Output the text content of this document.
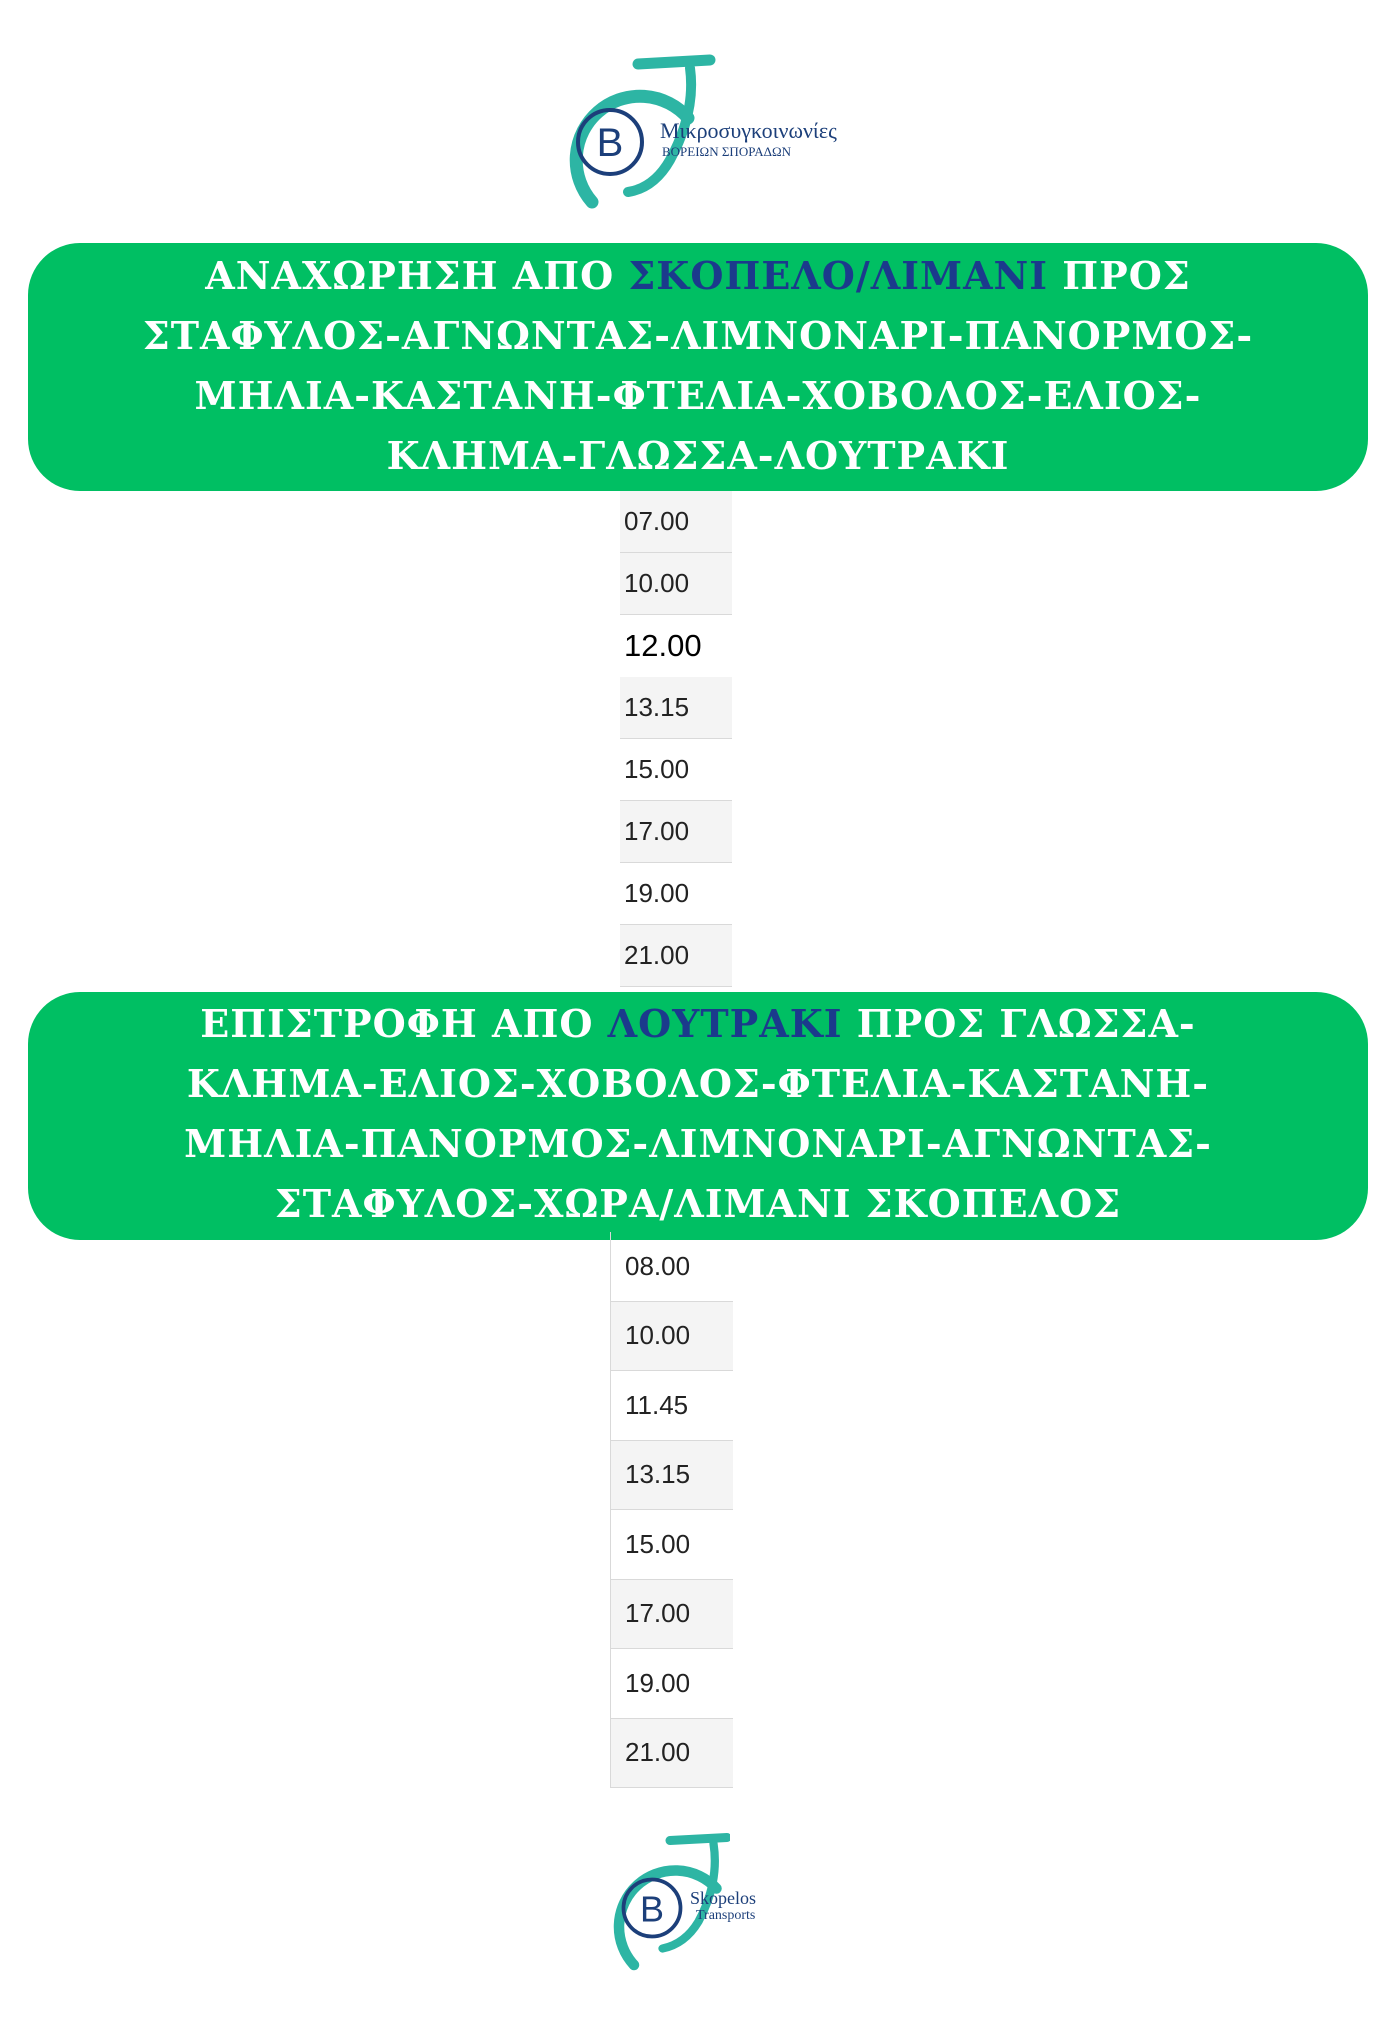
B Μικροσυγκοινωνίες
ΒΟΡΕΙΩΝ ΣΠΟΡΑΔΩΝ
ΑΝΑΧΩΡΗΣΗ ΑΠΟ ΣΚΟΠΕΛΟ/ΛΙΜΑΝΙ ΠΡΟΣ
ΣΤΑΦΥΛΟΣ-ΑΓΝΩΝΤΑΣ-ΛΙΜΝΟΝΑΡΙ-ΠΑΝΟΡΜΟΣ-
ΜΗΛΙΑ-ΚΑΣΤΑΝΗ-ΦΤΕΛΙΑ-ΧΟΒΟΛΟΣ-ΕΛΙΟΣ-
ΚΛΗΜΑ-ΓΛΩΣΣΑ-ΛΟΥΤΡΑΚΙ
07.00
10.00
12.00
13.15
15.00
17.00
19.00
21.00
ΕΠΙΣΤΡΟΦΗ ΑΠΟ ΛΟΥΤΡΑΚΙ ΠΡΟΣ ΓΛΩΣΣΑ-
ΚΛΗΜΑ-ΕΛΙΟΣ-ΧΟΒΟΛΟΣ-ΦΤΕΛΙΑ-ΚΑΣΤΑΝΗ-
ΜΗΛΙΑ-ΠΑΝΟΡΜΟΣ-ΛΙΜΝΟΝΑΡΙ-ΑΓΝΩΝΤΑΣ-
ΣΤΑΦΥΛΟΣ-ΧΩΡΑ/ΛΙΜΑΝΙ ΣΚΟΠΕΛΟΣ
08.00
10.00
11.45
13.15
15.00
17.00
19.00
21.00
B Skopelos
Transports
